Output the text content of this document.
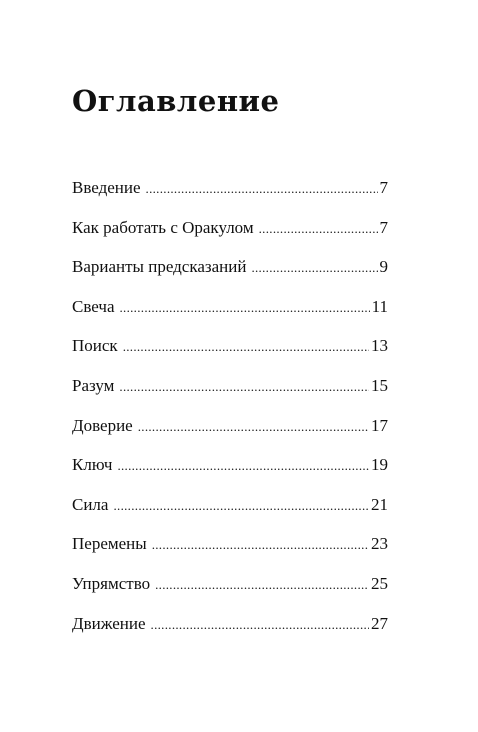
Оглавление
Введение .....	7
Как работать с Оракулом .....	7
Варианты предсказаний .....	9
Свеча .....	11
Поиск .....	13
Разум .....	15
Доверие .....	17
Ключ .....	19
Сила .....	21
Перемены .....	23
Упрямство .....	25
Движение .....	27
